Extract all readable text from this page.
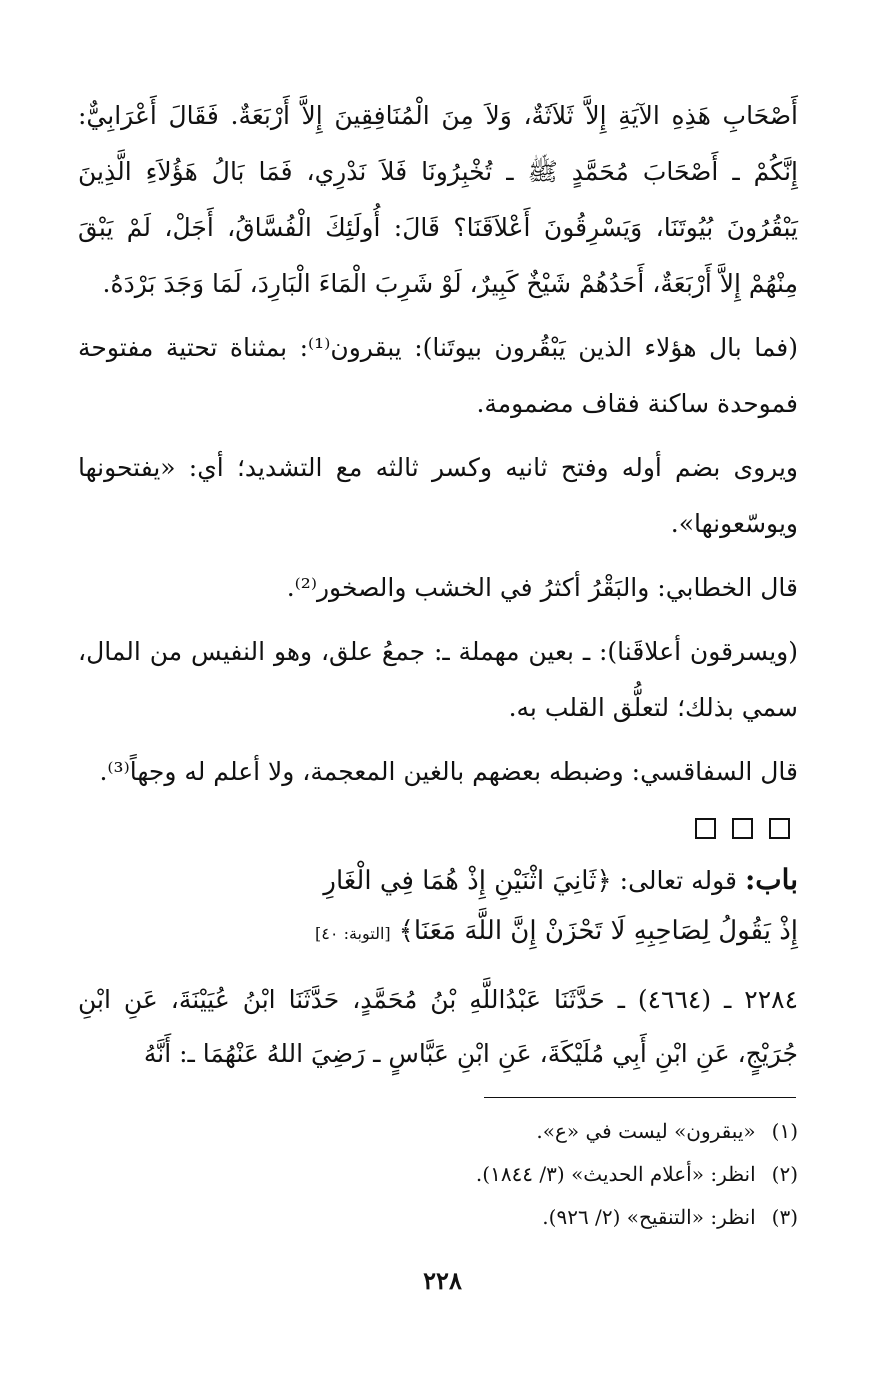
أَصْحَابِ هَذِهِ الآيَةِ إِلاَّ ثَلاَثَةٌ، وَلاَ مِنَ الْمُنَافِقِينَ إِلاَّ أَرْبَعَةٌ. فَقَالَ أَعْرَابِيٌّ: إِنَّكُمْ ـ أَصْحَابَ مُحَمَّدٍ ﷺ ـ تُخْبِرُونَا فَلاَ نَدْرِي، فَمَا بَالُ هَؤُلاَءِ الَّذِينَ يَبْقُرُونَ بُيُوتَنَا، وَيَسْرِقُونَ أَعْلاَقَنَا؟ قَالَ: أُولَئِكَ الْفُسَّاقُ، أَجَلْ، لَمْ يَبْقَ مِنْهُمْ إِلاَّ أَرْبَعَةٌ، أَحَدُهُمْ شَيْخٌ كَبِيرٌ، لَوْ شَرِبَ الْمَاءَ الْبَارِدَ، لَمَا وَجَدَ بَرْدَهُ.

(فما بال هؤلاء الذين يَبْقُرون بيوتَنا): يبقرون⁽¹⁾: بمثناة تحتية مفتوحة فموحدة ساكنة فقاف مضمومة.

ويروى بضم أوله وفتح ثانيه وكسر ثالثه مع التشديد؛ أي: «يفتحونها ويوسّعونها».

قال الخطابي: والبَقْرُ أكثرُ في الخشب والصخور⁽²⁾.

(ويسرقون أعلاقَنا): ـ بعين مهملة ـ: جمعُ علق، وهو النفيس من المال، سمي بذلك؛ لتعلُّق القلب به.

قال السفاقسي: وضبطه بعضهم بالغين المعجمة، ولا أعلم له وجهاً⁽³⁾.

باب: قوله تعالى: ﴿ثَانِيَ اثْنَيْنِ إِذْ هُمَا فِي الْغَارِ
إِذْ يَقُولُ لِصَاحِبِهِ لَا تَحْزَنْ إِنَّ اللَّهَ مَعَنَا﴾ [التوبة: ٤٠]

٢٢٨٤ ـ (٤٦٦٤) ـ حَدَّثَنَا عَبْدُاللَّهِ بْنُ مُحَمَّدٍ، حَدَّثَنَا ابْنُ عُيَيْنَةَ، عَنِ ابْنِ جُرَيْجٍ، عَنِ ابْنِ أَبِي مُلَيْكَةَ، عَنِ ابْنِ عَبَّاسٍ ـ رَضِيَ اللهُ عَنْهُمَا ـ: أَنَّهُ

(١) «يبقرون» ليست في «ع».

(٢) انظر: «أعلام الحديث» (٣/ ١٨٤٤).

(٣) انظر: «التنقيح» (٢/ ٩٢٦).

٢٢٨
